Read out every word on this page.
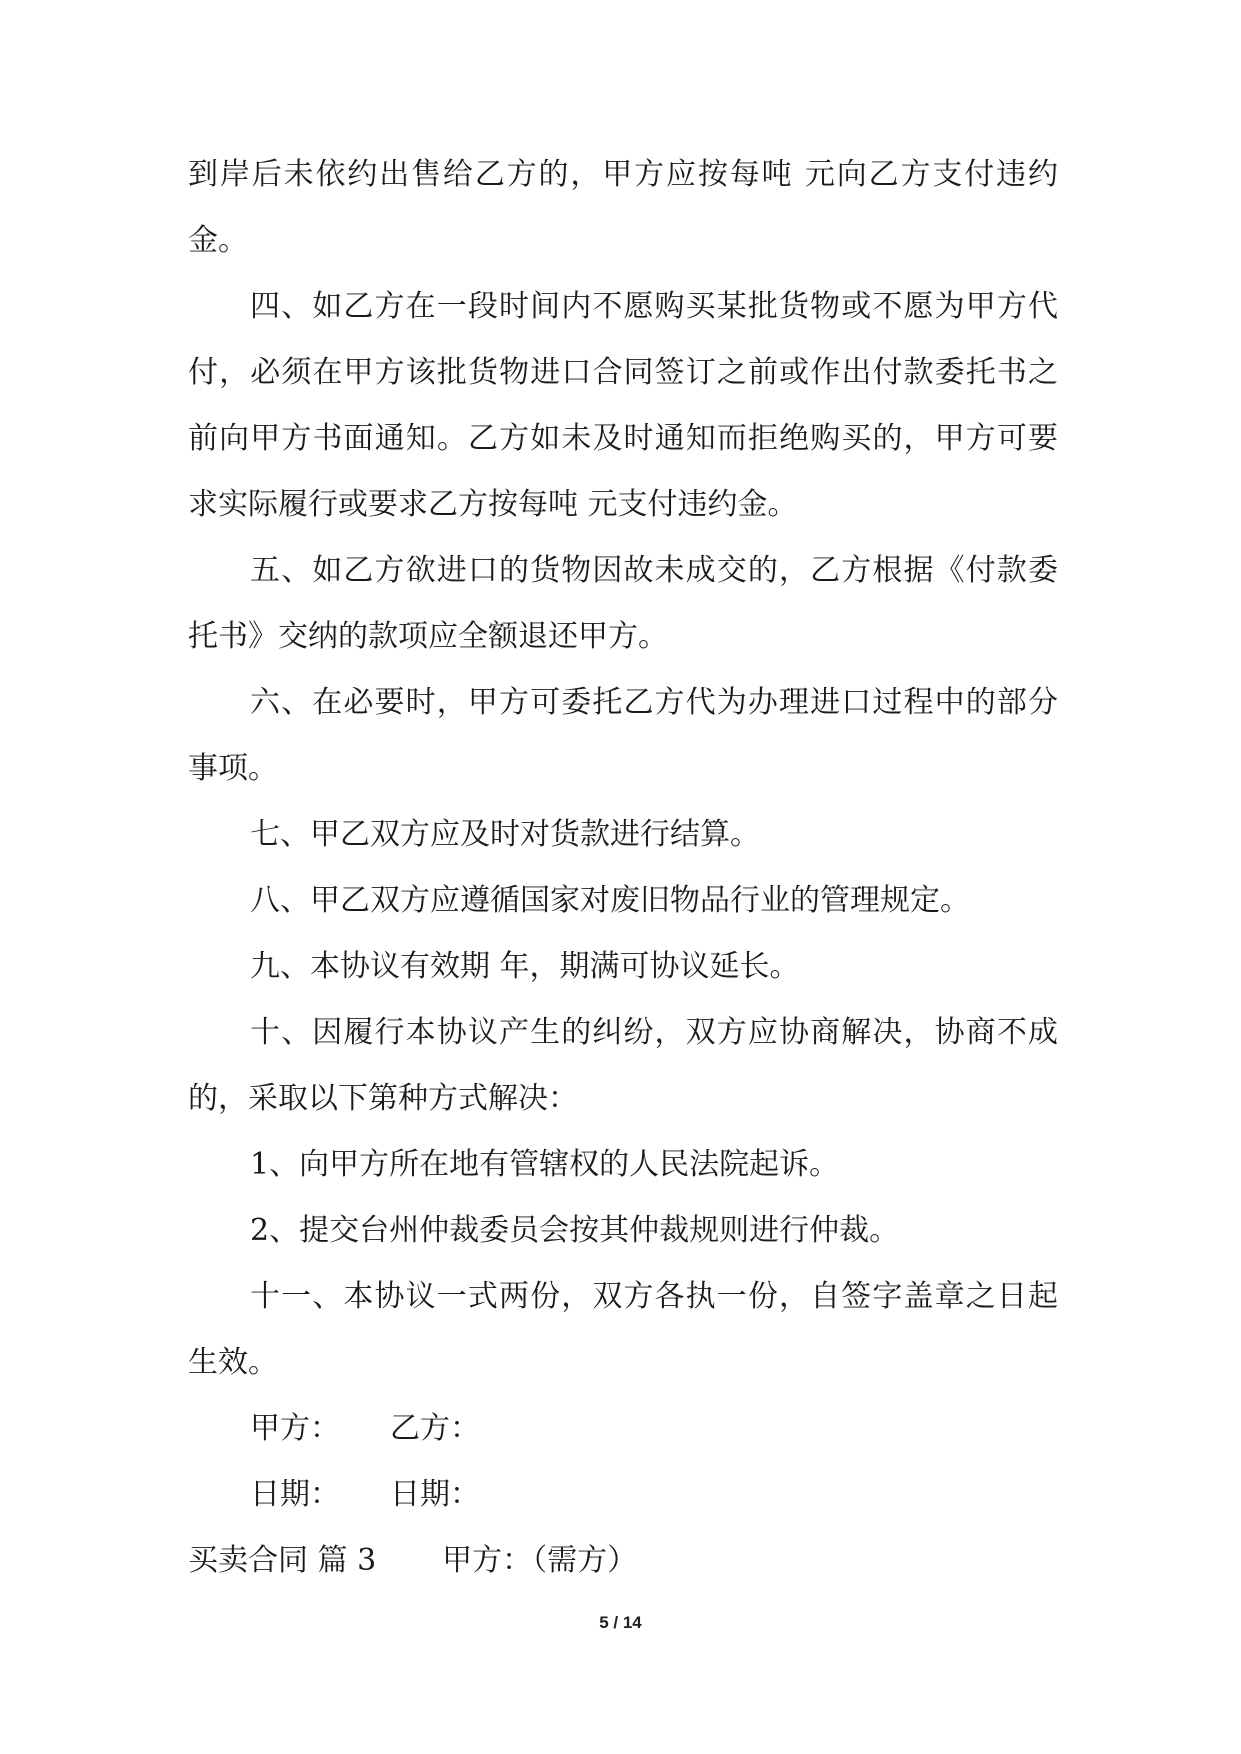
到岸后未依约出售给乙方的，甲方应按每吨 元向乙方支付违约
金。
四、如乙方在一段时间内不愿购买某批货物或不愿为甲方代
付，必须在甲方该批货物进口合同签订之前或作出付款委托书之
前向甲方书面通知。乙方如未及时通知而拒绝购买的，甲方可要
求实际履行或要求乙方按每吨 元支付违约金。
五、如乙方欲进口的货物因故未成交的，乙方根据《付款委
托书》交纳的款项应全额退还甲方。
六、在必要时，甲方可委托乙方代为办理进口过程中的部分
事项。
七、甲乙双方应及时对货款进行结算。
八、甲乙双方应遵循国家对废旧物品行业的管理规定。
九、本协议有效期 年，期满可协议延长。
十、因履行本协议产生的纠纷，双方应协商解决，协商不成
的，采取以下第种方式解决：
1、向甲方所在地有管辖权的人民法院起诉。
2、提交台州仲裁委员会按其仲裁规则进行仲裁。
十一、本协议一式两份，双方各执一份，自签字盖章之日起
生效。
甲方： 乙方：
日期： 日期：
买卖合同 篇 3 甲方：（需方）
5 / 14
